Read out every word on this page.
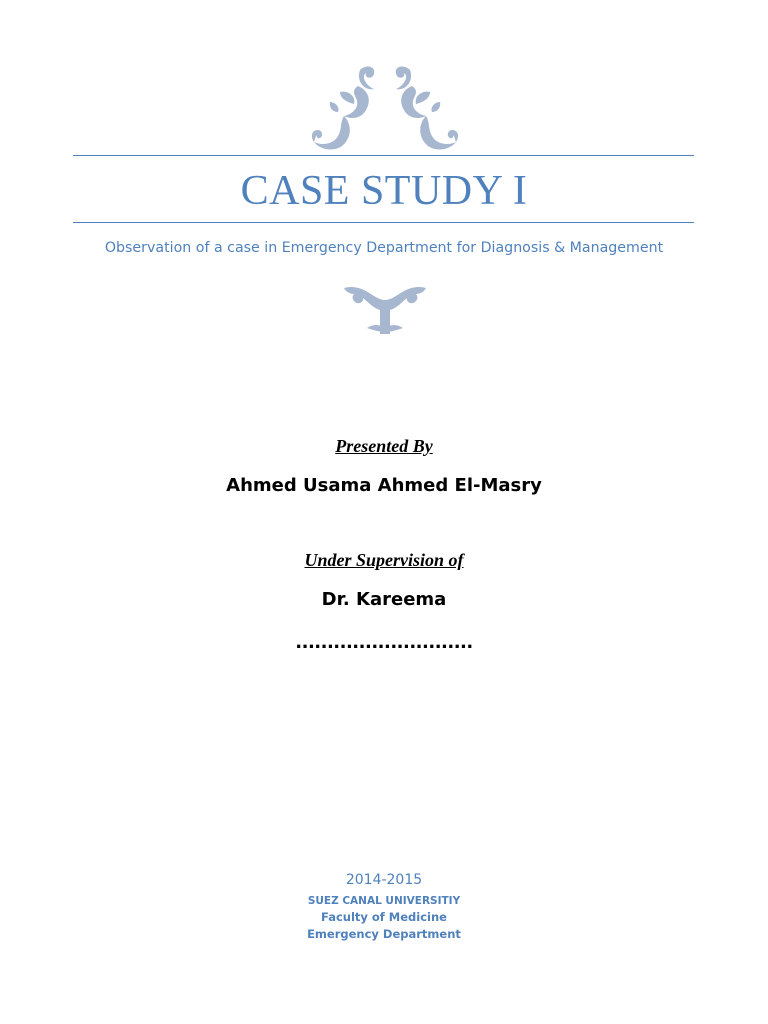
CASE STUDY I
Observation of a case in Emergency Department for Diagnosis & Management
Presented By
Ahmed Usama Ahmed El-Masry
Under Supervision of
Dr. Kareema
............................
2014-2015
SUEZ CANAL UNIVERSITIY
Faculty of Medicine
Emergency Department
